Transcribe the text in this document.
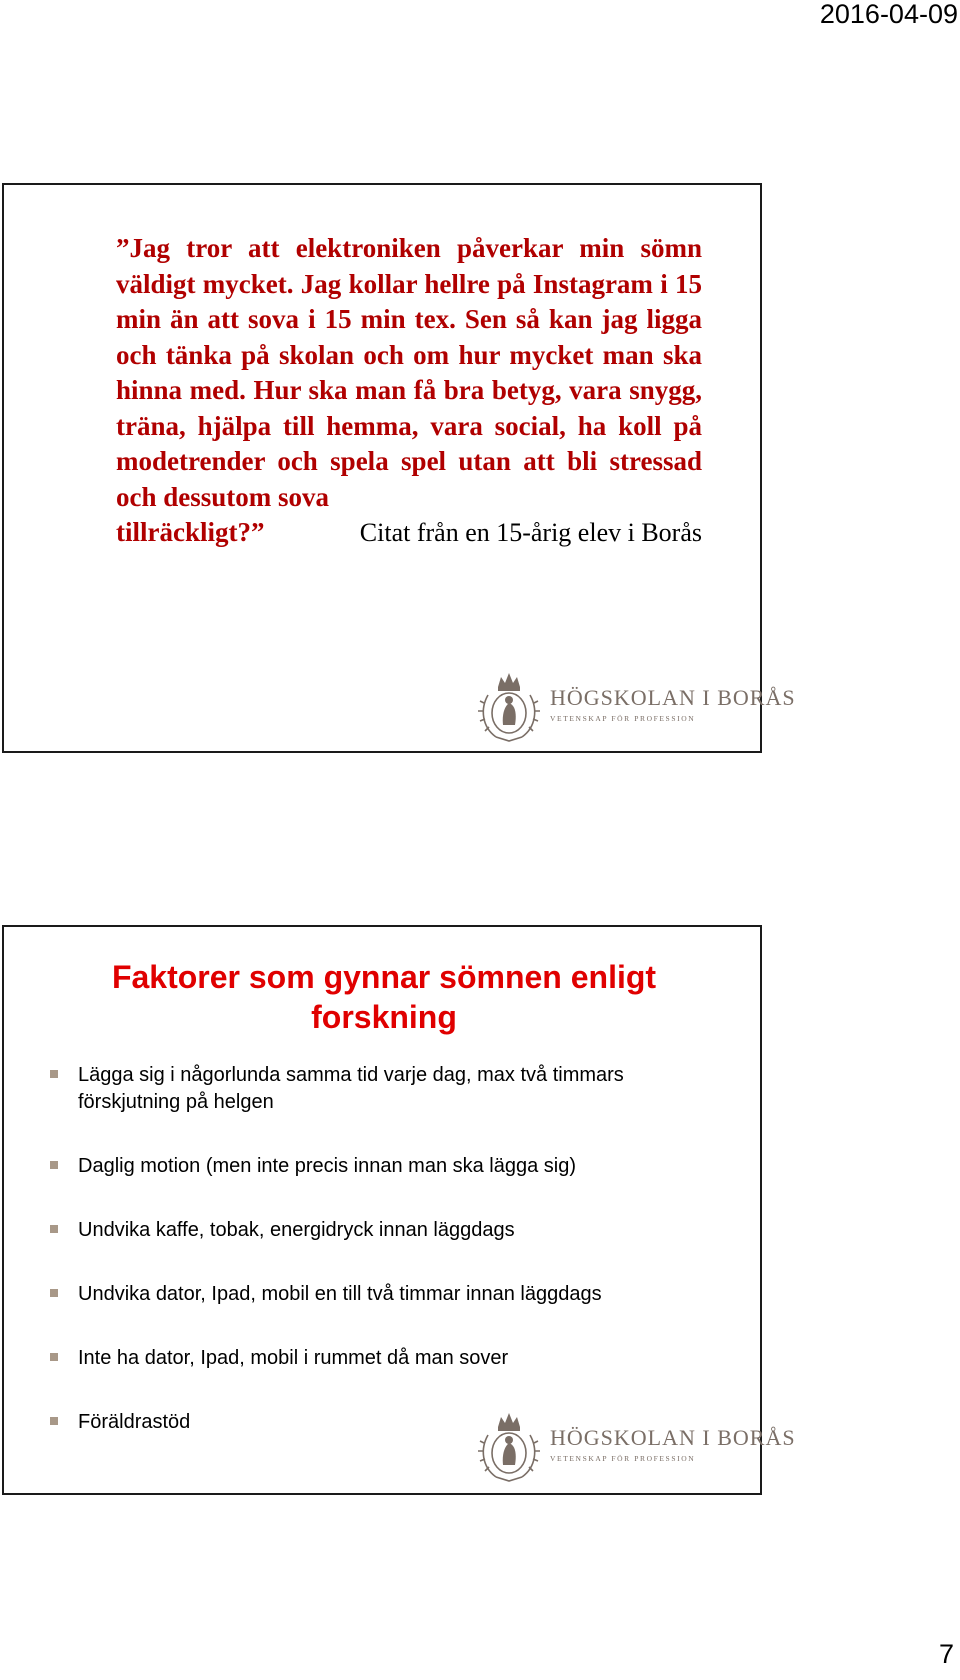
2016-04-09
”Jag tror att elektroniken påverkar min sömn väldigt mycket. Jag kollar hellre på Instagram i 15 min än att sova i 15 min tex. Sen så kan jag ligga och tänka på skolan och om hur mycket man ska hinna med. Hur ska man få bra betyg, vara snygg, träna, hjälpa till hemma, vara social, ha koll på modetrender och spela spel utan att bli stressad och dessutom sova
tillräckligt?”	Citat från en 15-årig elev i Borås
HÖGSKOLAN I BORÅS
VETENSKAP FÖR PROFESSION
Faktorer som gynnar sömnen enligt
forskning
Lägga sig i någorlunda samma tid varje dag, max två timmars förskjutning på helgen
Daglig motion (men inte precis innan man ska lägga sig)
Undvika kaffe, tobak, energidryck innan läggdags
Undvika dator, Ipad, mobil en till två timmar innan läggdags
Inte ha dator, Ipad, mobil i rummet då man sover
Föräldrastöd
HÖGSKOLAN I BORÅS
VETENSKAP FÖR PROFESSION
7
